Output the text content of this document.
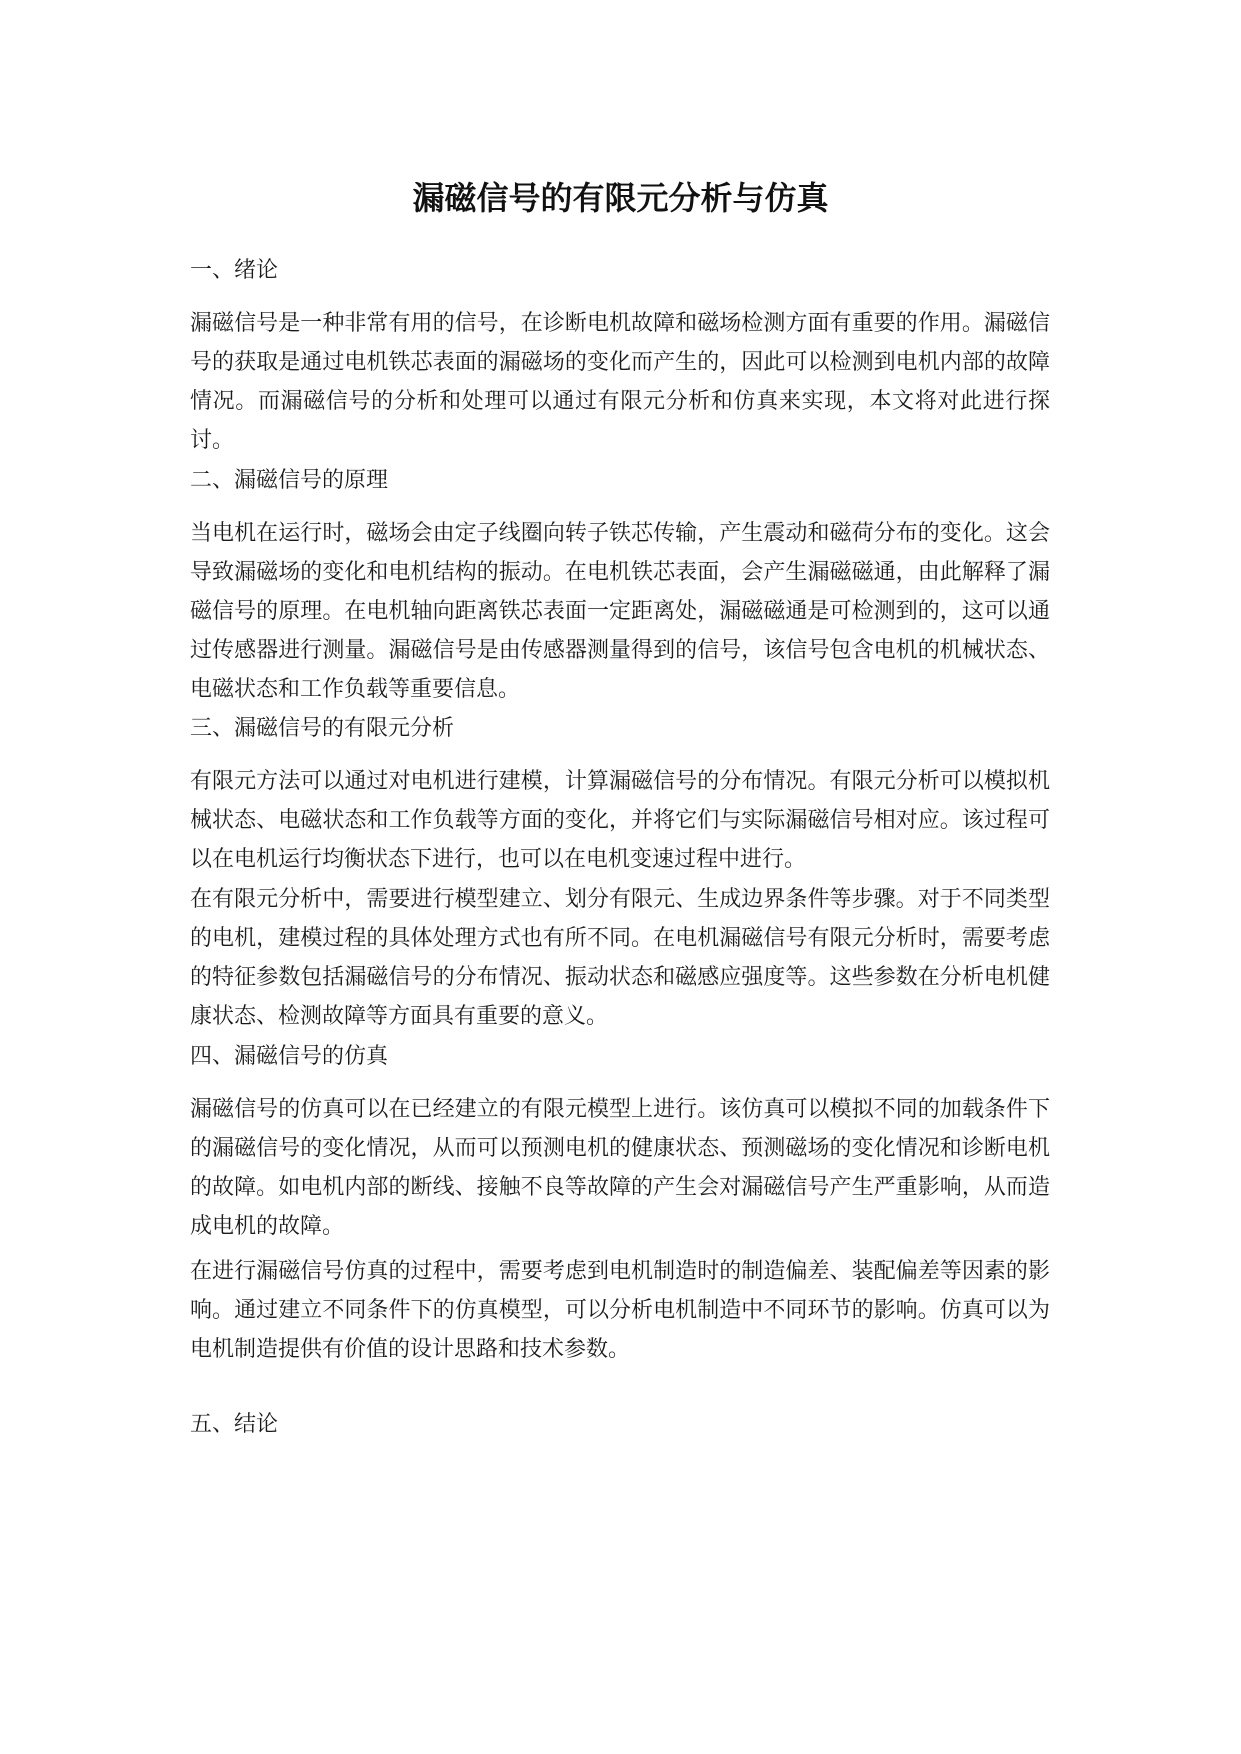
漏磁信号的有限元分析与仿真
一、绪论
漏磁信号是一种非常有用的信号，在诊断电机故障和磁场检测方面有重要的作用。漏磁信号的获取是通过电机铁芯表面的漏磁场的变化而产生的，因此可以检测到电机内部的故障情况。而漏磁信号的分析和处理可以通过有限元分析和仿真来实现，本文将对此进行探讨。
二、漏磁信号的原理
当电机在运行时，磁场会由定子线圈向转子铁芯传输，产生震动和磁荷分布的变化。这会导致漏磁场的变化和电机结构的振动。在电机铁芯表面，会产生漏磁磁通，由此解释了漏磁信号的原理。在电机轴向距离铁芯表面一定距离处，漏磁磁通是可检测到的，这可以通过传感器进行测量。漏磁信号是由传感器测量得到的信号，该信号包含电机的机械状态、电磁状态和工作负载等重要信息。
三、漏磁信号的有限元分析
有限元方法可以通过对电机进行建模，计算漏磁信号的分布情况。有限元分析可以模拟机械状态、电磁状态和工作负载等方面的变化，并将它们与实际漏磁信号相对应。该过程可以在电机运行均衡状态下进行，也可以在电机变速过程中进行。
在有限元分析中，需要进行模型建立、划分有限元、生成边界条件等步骤。对于不同类型的电机，建模过程的具体处理方式也有所不同。在电机漏磁信号有限元分析时，需要考虑的特征参数包括漏磁信号的分布情况、振动状态和磁感应强度等。这些参数在分析电机健康状态、检测故障等方面具有重要的意义。
四、漏磁信号的仿真
漏磁信号的仿真可以在已经建立的有限元模型上进行。该仿真可以模拟不同的加载条件下的漏磁信号的变化情况，从而可以预测电机的健康状态、预测磁场的变化情况和诊断电机的故障。如电机内部的断线、接触不良等故障的产生会对漏磁信号产生严重影响，从而造成电机的故障。
在进行漏磁信号仿真的过程中，需要考虑到电机制造时的制造偏差、装配偏差等因素的影响。通过建立不同条件下的仿真模型，可以分析电机制造中不同环节的影响。仿真可以为电机制造提供有价值的设计思路和技术参数。
五、结论
